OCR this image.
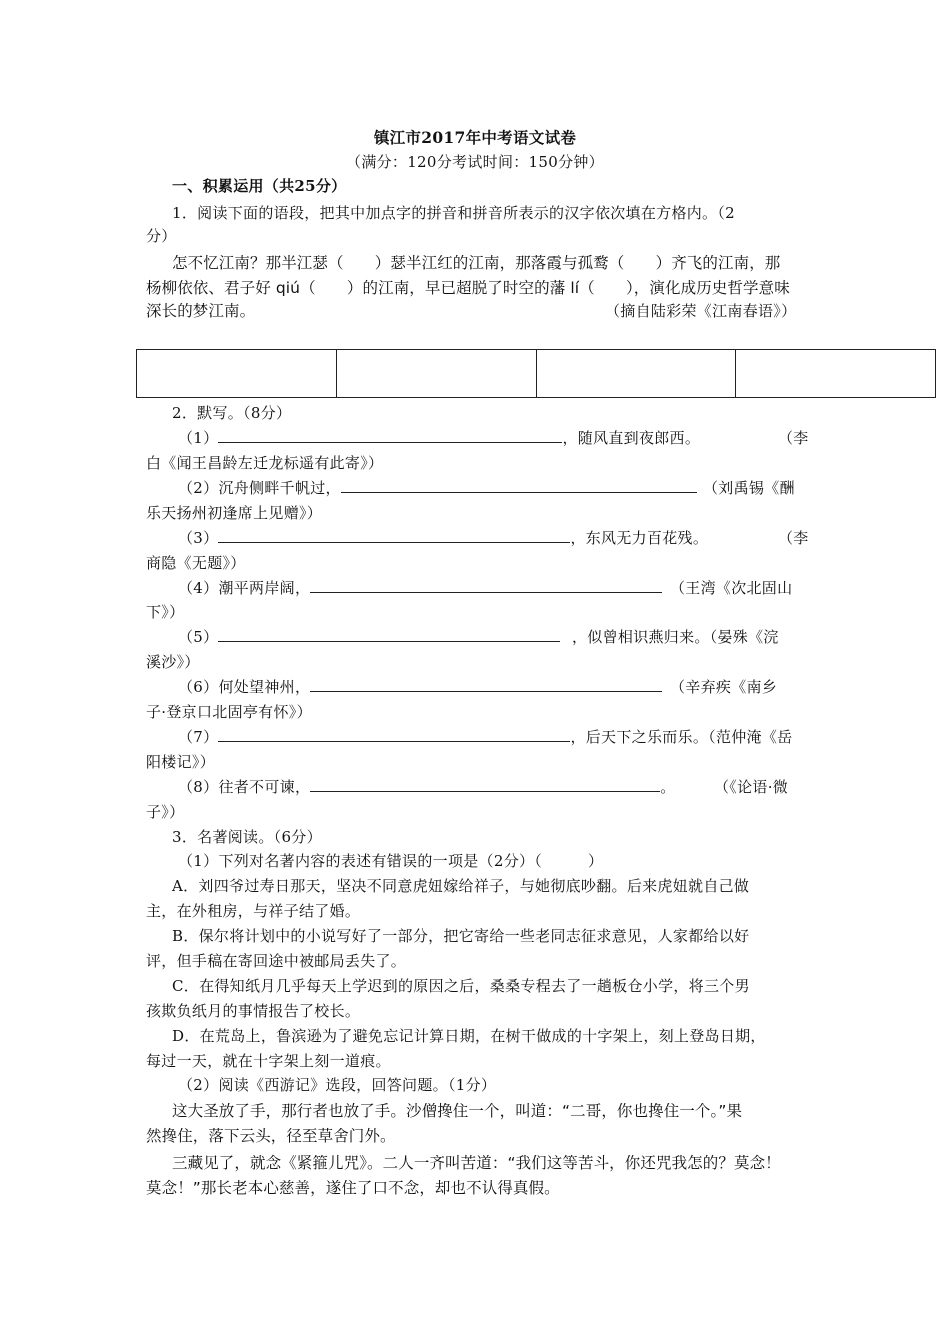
镇江市2017年中考语文试卷
（满分：120分考试时间：150分钟）
一、积累运用（共25分）
1．阅读下面的语段，把其中加点字的拼音和拼音所表示的汉字依次填在方格内。（2
分）
怎不忆江南？那半江瑟（　　）瑟半江红的江南，那落霞与孤鹜（　　）齐飞的江南，那
杨柳依依、君子好 qiú（　　）的江南，早已超脱了时空的藩 lí（　　），演化成历史哲学意味
深长的梦江南。	（摘自陆彩荣《江南春语》）
2．默写。（8分）
（1）	，随风直到夜郎西。	（李
白《闻王昌龄左迁龙标遥有此寄》）
（2）沉舟侧畔千帆过，	（刘禹锡《酬
乐天扬州初逢席上见赠》）
（3）	，东风无力百花残。	（李
商隐《无题》）
（4）潮平两岸阔，	（王湾《次北固山
下》）
（5）	，似曾相识燕归来。（晏殊《浣
溪沙》）
（6）何处望神州，	（辛弃疾《南乡
子·登京口北固亭有怀》）
（7）	，后天下之乐而乐。（范仲淹《岳
阳楼记》）
（8）往者不可谏，	。	（《论语·微
子》）
3．名著阅读。（6分）
（1）下列对名著内容的表述有错误的一项是（2分）（　　　）
A．刘四爷过寿日那天，坚决不同意虎妞嫁给祥子，与她彻底吵翻。后来虎妞就自己做
主，在外租房，与祥子结了婚。
B．保尔将计划中的小说写好了一部分，把它寄给一些老同志征求意见，人家都给以好
评，但手稿在寄回途中被邮局丢失了。
C．在得知纸月几乎每天上学迟到的原因之后，桑桑专程去了一趟板仓小学，将三个男
孩欺负纸月的事情报告了校长。
D．在荒岛上，鲁滨逊为了避免忘记计算日期，在树干做成的十字架上，刻上登岛日期，
每过一天，就在十字架上刻一道痕。
（2）阅读《西游记》选段，回答问题。（1分）
这大圣放了手，那行者也放了手。沙僧搀住一个，叫道：“二哥，你也搀住一个。”果
然搀住，落下云头，径至草舍门外。
三藏见了，就念《紧箍儿咒》。二人一齐叫苦道：“我们这等苦斗，你还咒我怎的？莫念！
莫念！”那长老本心慈善，遂住了口不念，却也不认得真假。
